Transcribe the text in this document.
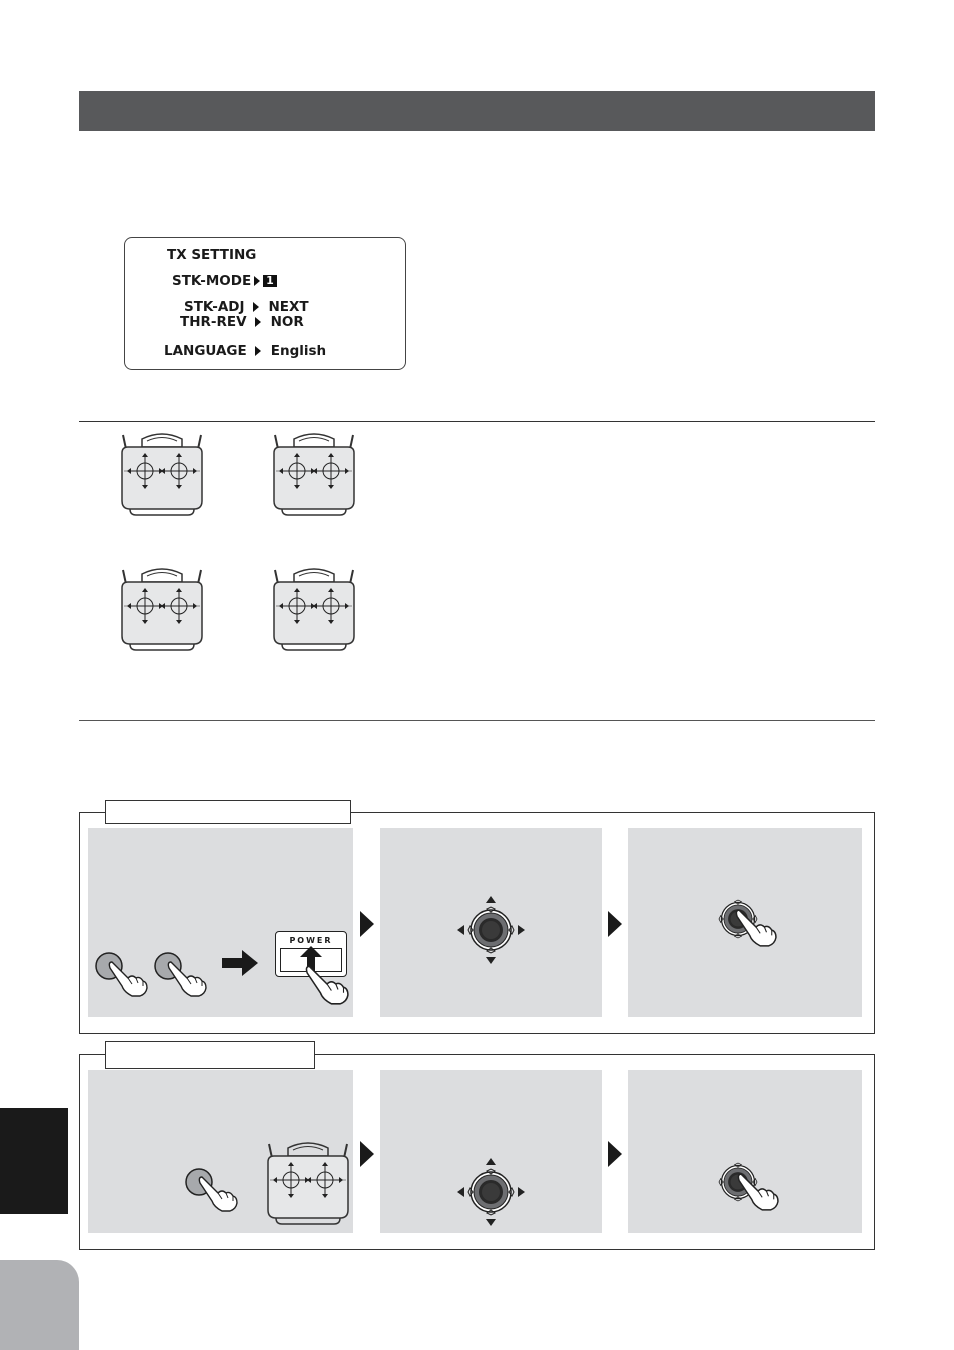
TX SETTING
STK-MODE 1
STK-ADJ NEXT
THR-REV NOR
LANGUAGE English
POWER
